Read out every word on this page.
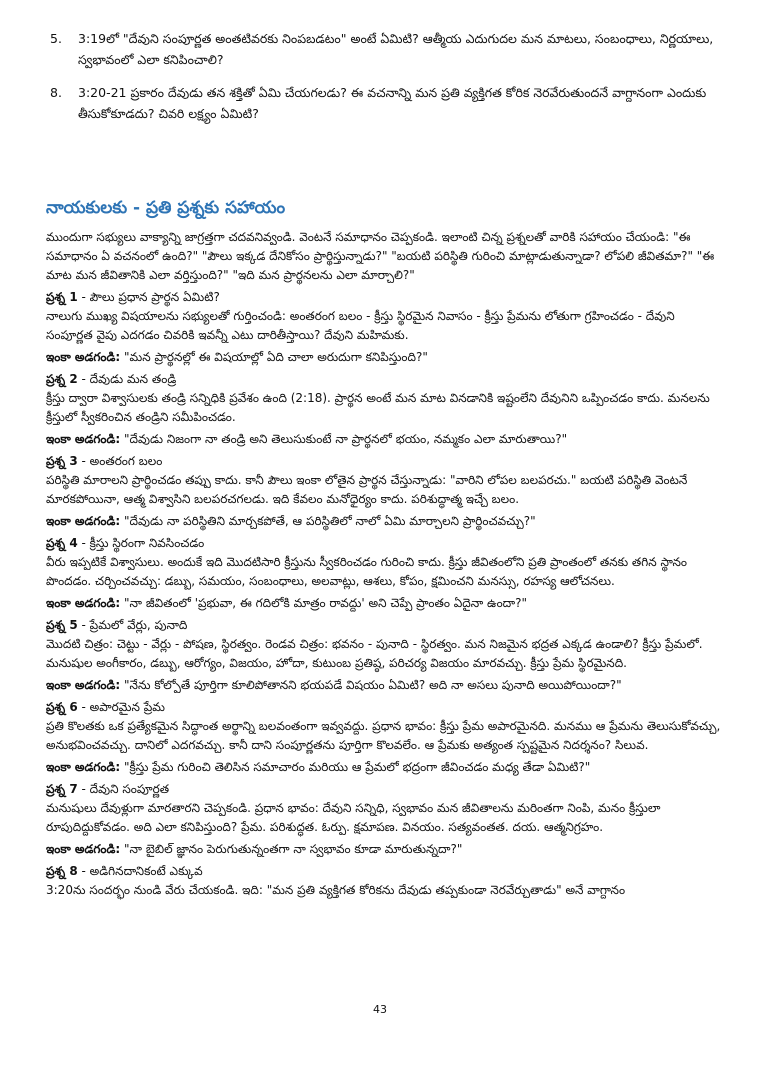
5.	3:19లో "దేవుని సంపూర్ణత అంతటివరకు నింపబడటం" అంటే ఏమిటి? ఆత్మీయ ఎదుగుదల మన మాటలు, సంబంధాలు, నిర్ణయాలు, స్వభావంలో ఎలా కనిపించాలి?
8.	3:20-21 ప్రకారం దేవుడు తన శక్తితో ఏమి చేయగలడు? ఈ వచనాన్ని మన ప్రతి వ్యక్తిగత కోరిక నెరవేరుతుందనే వాగ్దానంగా ఎందుకు తీసుకోకూడదు? చివరి లక్ష్యం ఏమిటి?
నాయకులకు - ప్రతి ప్రశ్నకు సహాయం

ముందుగా సభ్యులు వాక్యాన్ని జాగ్రత్తగా చదవనివ్వండి. వెంటనే సమాధానం చెప్పకండి. ఇలాంటి చిన్న ప్రశ్నలతో వారికి సహాయం చేయండి: "ఈ సమాధానం ఏ వచనంలో ఉంది?" "పౌలు ఇక్కడ దేనికోసం ప్రార్థిస్తున్నాడు?" "బయటి పరిస్థితి గురించి మాట్లాడుతున్నాడా? లోపలి జీవితమా?" "ఈ మాట మన జీవితానికి ఎలా వర్తిస్తుంది?" "ఇది మన ప్రార్థనలను ఎలా మార్చాలి?"

ప్రశ్న 1 - పౌలు ప్రధాన ప్రార్థన ఏమిటి?

నాలుగు ముఖ్య విషయాలను సభ్యులతో గుర్తించండి: అంతరంగ బలం - క్రీస్తు స్థిరమైన నివాసం - క్రీస్తు ప్రేమను లోతుగా గ్రహించడం - దేవుని సంపూర్ణత వైపు ఎదగడం చివరికి ఇవన్నీ ఎటు దారితీస్తాయి? దేవుని మహిమకు.

ఇంకా అడగండి: "మన ప్రార్థనల్లో ఈ విషయాల్లో ఏది చాలా అరుదుగా కనిపిస్తుంది?"

ప్రశ్న 2 - దేవుడు మన తండ్రి

క్రీస్తు ద్వారా విశ్వాసులకు తండ్రి సన్నిధికి ప్రవేశం ఉంది (2:18). ప్రార్థన అంటే మన మాట వినడానికి ఇష్టంలేని దేవునిని ఒప్పించడం కాదు. మనలను క్రీస్తులో స్వీకరించిన తండ్రిని సమీపించడం.

ఇంకా అడగండి: "దేవుడు నిజంగా నా తండ్రి అని తెలుసుకుంటే నా ప్రార్థనలో భయం, నమ్మకం ఎలా మారుతాయి?"

ప్రశ్న 3 - అంతరంగ బలం

పరిస్థితి మారాలని ప్రార్థించడం తప్పు కాదు. కానీ పౌలు ఇంకా లోతైన ప్రార్థన చేస్తున్నాడు: "వారిని లోపల బలపరచు." బయటి పరిస్థితి వెంటనే మారకపోయినా, ఆత్మ విశ్వాసిని బలపరచగలడు. ఇది కేవలం మనోధైర్యం కాదు. పరిశుద్ధాత్మ ఇచ్చే బలం.

ఇంకా అడగండి: "దేవుడు నా పరిస్థితిని మార్చకపోతే, ఆ పరిస్థితిలో నాలో ఏమి మార్చాలని ప్రార్థించవచ్చు?"

ప్రశ్న 4 - క్రీస్తు స్థిరంగా నివసించడం

వీరు ఇప్పటికే విశ్వాసులు. అందుకే ఇది మొదటిసారి క్రీస్తును స్వీకరించడం గురించి కాదు. క్రీస్తు జీవితంలోని ప్రతి ప్రాంతంలో తనకు తగిన స్థానం పొందడం. చర్చించవచ్చు: డబ్బు, సమయం, సంబంధాలు, అలవాట్లు, ఆశలు, కోపం, క్షమించని మనస్సు, రహస్య ఆలోచనలు.

ఇంకా అడగండి: "నా జీవితంలో 'ప్రభువా, ఈ గదిలోకి మాత్రం రావద్దు' అని చెప్పే ప్రాంతం ఏదైనా ఉందా?"

ప్రశ్న 5 - ప్రేమలో వేర్లు, పునాది

మొదటి చిత్రం: చెట్టు - వేర్లు - పోషణ, స్థిరత్వం. రెండవ చిత్రం: భవనం - పునాది - స్థిరత్వం. మన నిజమైన భద్రత ఎక్కడ ఉండాలి? క్రీస్తు ప్రేమలో. మనుషుల అంగీకారం, డబ్బు, ఆరోగ్యం, విజయం, హోదా, కుటుంబ ప్రతిష్ఠ, పరిచర్య విజయం మారవచ్చు. క్రీస్తు ప్రేమ స్థిరమైనది.

ఇంకా అడగండి: "నేను కోల్పోతే పూర్తిగా కూలిపోతానని భయపడే విషయం ఏమిటి? అది నా అసలు పునాది అయిపోయిందా?"

ప్రశ్న 6 - అపారమైన ప్రేమ

ప్రతి కొలతకు ఒక ప్రత్యేకమైన సిద్ధాంత అర్థాన్ని బలవంతంగా ఇవ్వవద్దు. ప్రధాన భావం: క్రీస్తు ప్రేమ అపారమైనది. మనము ఆ ప్రేమను తెలుసుకోవచ్చు, అనుభవించవచ్చు. దానిలో ఎదగవచ్చు. కానీ దాని సంపూర్ణతను పూర్తిగా కొలవలేం. ఆ ప్రేమకు అత్యంత స్పష్టమైన నిదర్శనం? సిలువ.

ఇంకా అడగండి: "క్రీస్తు ప్రేమ గురించి తెలిసిన సమాచారం మరియు ఆ ప్రేమలో భద్రంగా జీవించడం మధ్య తేడా ఏమిటి?"

ప్రశ్న 7 - దేవుని సంపూర్ణత

మనుషులు దేవుళ్లుగా మారతారని చెప్పకండి. ప్రధాన భావం: దేవుని సన్నిధి, స్వభావం మన జీవితాలను మరింతగా నింపి, మనం క్రీస్తులా రూపుదిద్దుకోవడం. అది ఎలా కనిపిస్తుంది? ప్రేమ. పరిశుద్ధత. ఓర్పు. క్షమాపణ. వినయం. సత్యవంతత. దయ. ఆత్మనిగ్రహం.

ఇంకా అడగండి: "నా బైబిల్ జ్ఞానం పెరుగుతున్నంతగా నా స్వభావం కూడా మారుతున్నదా?"

ప్రశ్న 8 - అడిగినదానికంటే ఎక్కువ

3:20ను సందర్భం నుండి వేరు చేయకండి. ఇది: "మన ప్రతి వ్యక్తిగత కోరికను దేవుడు తప్పకుండా నెరవేర్చుతాడు" అనే వాగ్దానం

43
